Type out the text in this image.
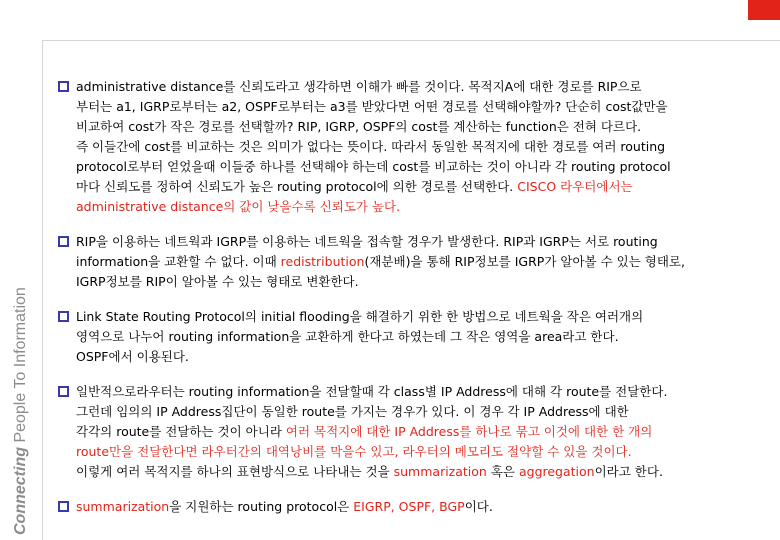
Connecting People To Information
administrative distance를 신뢰도라고 생각하면 이해가 빠를 것이다. 목적지A에 대한 경로를 RIP으로
부터는 a1, IGRP로부터는 a2, OSPF로부터는 a3를 받았다면 어떤 경로를 선택해야할까? 단순히 cost값만을
비교하여 cost가 작은 경로를 선택할까? RIP, IGRP, OSPF의 cost를 계산하는 function은 전혀 다르다.
즉 이들간에 cost를 비교하는 것은 의미가 없다는 뜻이다. 따라서 동일한 목적지에 대한 경로를 여러 routing
protocol로부터 얻었을때 이들중 하나를 선택해야 하는데 cost를 비교하는 것이 아니라 각 routing protocol
마다 신뢰도를 정하여 신뢰도가 높은 routing protocol에 의한 경로를 선택한다. CISCO 라우터에서는
administrative distance의 값이 낮을수록 신뢰도가 높다.
RIP을 이용하는 네트웍과 IGRP를 이용하는 네트웍을 접속할 경우가 발생한다. RIP과 IGRP는 서로 routing
information을 교환할 수 없다. 이때 redistribution(재분배)을 통해 RIP정보를 IGRP가 알아볼 수 있는 형태로,
IGRP정보를 RIP이 알아볼 수 있는 형태로 변환한다.
Link State Routing Protocol의 initial flooding을 해결하기 위한 한 방법으로 네트웍을 작은 여러개의
영역으로 나누어 routing information을 교환하게 한다고 하였는데 그 작은 영역을 area라고 한다.
OSPF에서 이용된다.
일반적으로라우터는 routing information을 전달할때 각 class별 IP Address에 대해 각 route를 전달한다.
그런데 임의의 IP Address집단이 동일한 route를 가지는 경우가 있다. 이 경우 각 IP Address에 대한
각각의 route를 전달하는 것이 아니라 여러 목적지에 대한 IP Address를 하나로 묶고 이것에 대한 한 개의
route만을 전달한다면 라우터간의 대역낭비를 막을수 있고, 라우터의 메모리도 절약할 수 있을 것이다.
이렇게 여러 목적지를 하나의 표현방식으로 나타내는 것을 summarization 혹은 aggregation이라고 한다.
summarization을 지원하는 routing protocol은 EIGRP, OSPF, BGP이다.
